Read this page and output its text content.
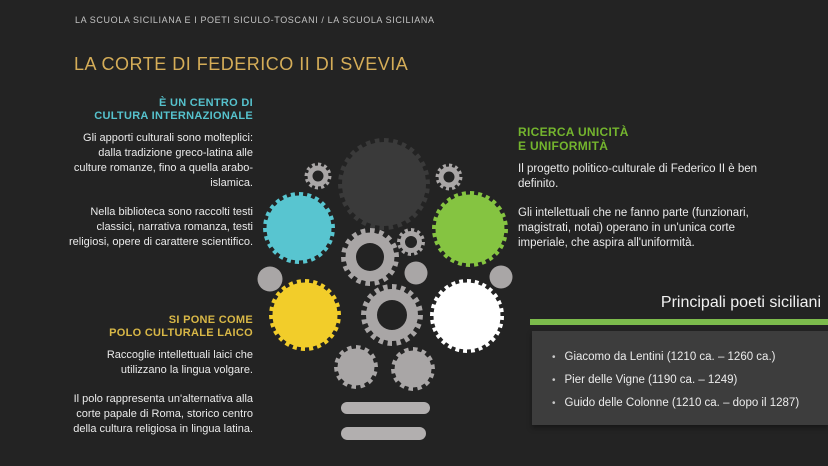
LA SCUOLA SICILIANA E I POETI SICULO-TOSCANI / LA SCUOLA SICILIANA
LA CORTE DI FEDERICO II DI SVEVIA
È UN CENTRO DI
CULTURA INTERNAZIONALE

Gli apporti culturali sono molteplici: dalla tradizione greco-latina alle culture romanze, fino a quella arabo-islamica.

Nella biblioteca sono raccolti testi classici, narrativa romanza, testi religiosi, opere di carattere scientifico.

SI PONE COME
POLO CULTURALE LAICO

Raccoglie intellettuali laici che utilizzano la lingua volgare.

Il polo rappresenta un'alternativa alla corte papale di Roma, storico centro della cultura religiosa in lingua latina.

RICERCA UNICITÀ
E UNIFORMITÀ

Il progetto politico-culturale di Federico II è ben definito.

Gli intellettuali che ne fanno parte (funzionari, magistrati, notai) operano in un'unica corte imperiale, che aspira all'uniformità.

Principali poeti siciliani
• Giacomo da Lentini (1210 ca. – 1260 ca.)
• Pier delle Vigne (1190 ca. – 1249)
• Guido delle Colonne (1210 ca. – dopo il 1287)
